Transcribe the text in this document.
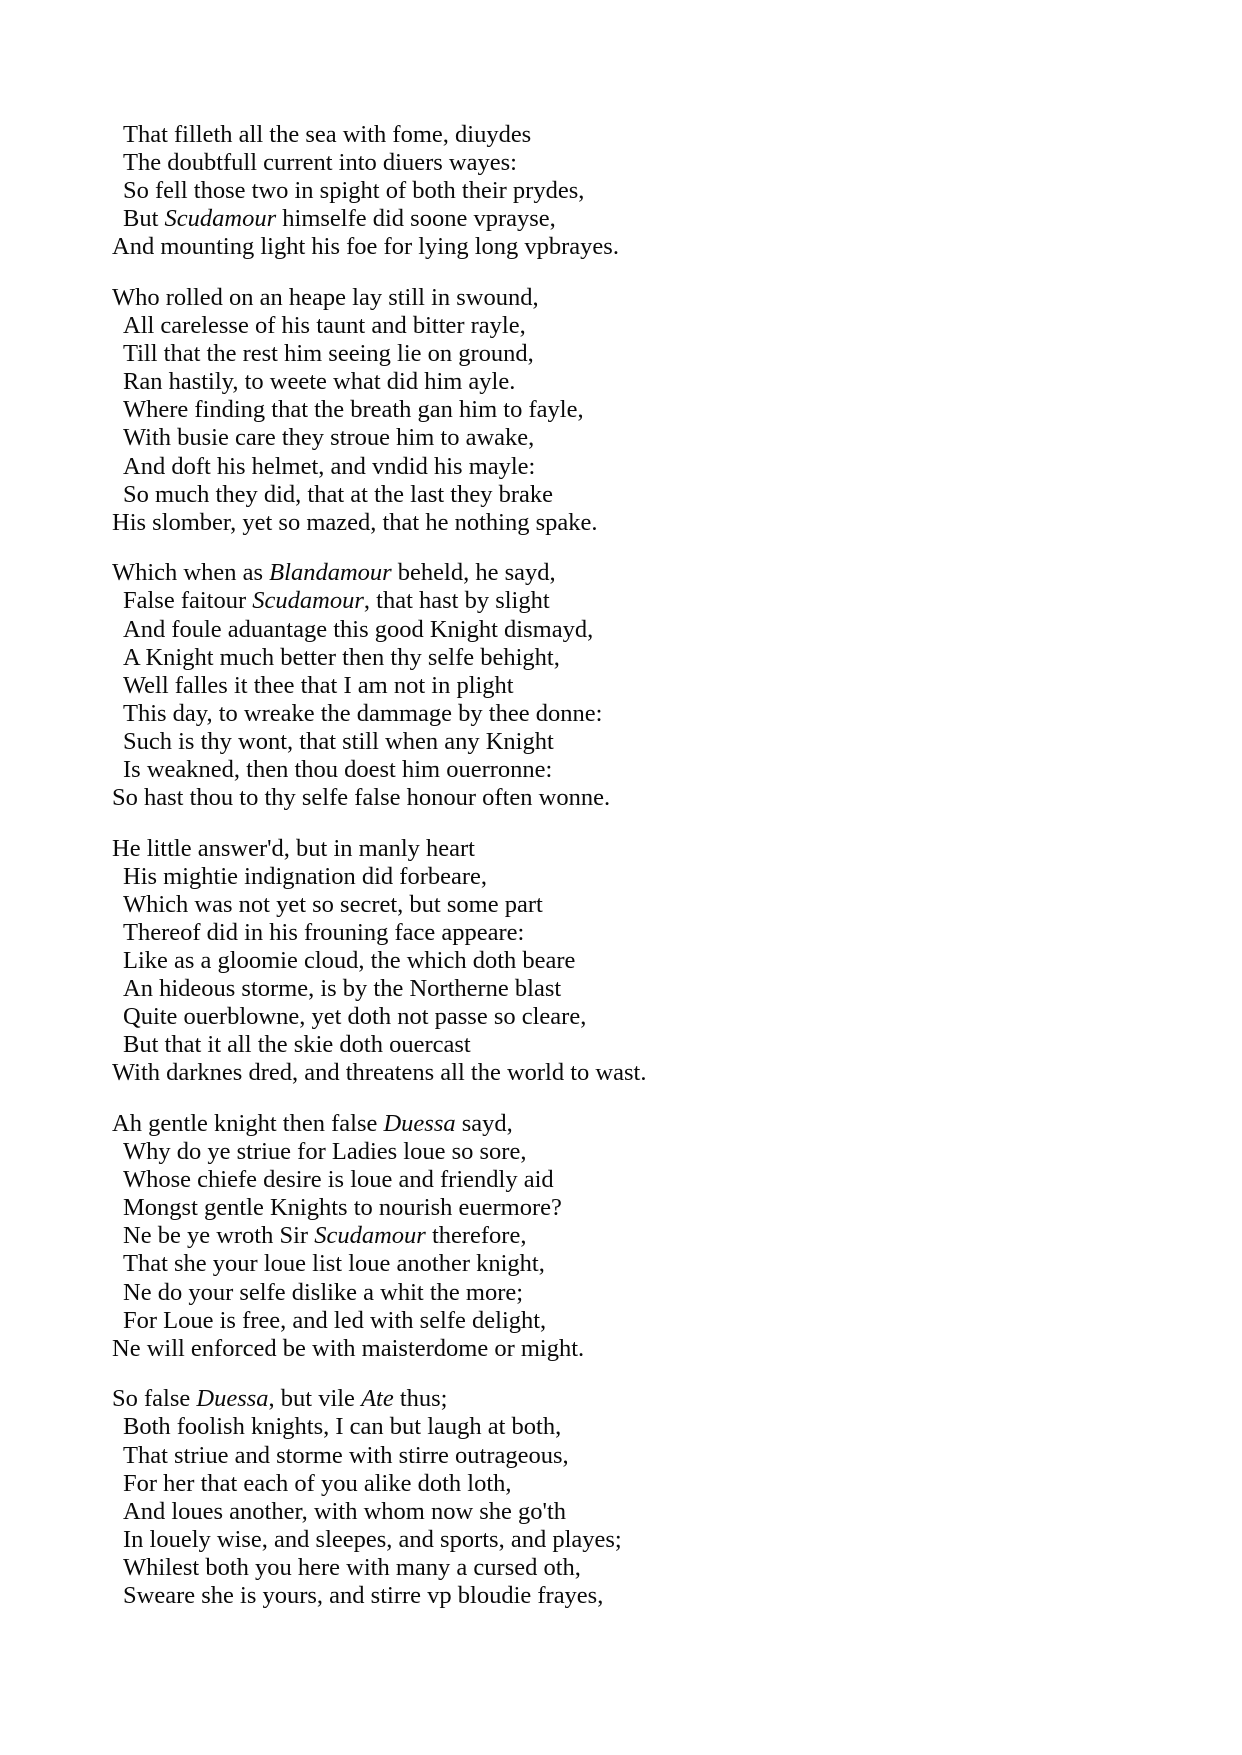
That filleth all the sea with fome, diuydes
The doubtfull current into diuers wayes:
So fell those two in spight of both their prydes,
But Scudamour himselfe did soone vprayse,
And mounting light his foe for lying long vpbrayes.
Who rolled on an heape lay still in swound,
All carelesse of his taunt and bitter rayle,
Till that the rest him seeing lie on ground,
Ran hastily, to weete what did him ayle.
Where finding that the breath gan him to fayle,
With busie care they stroue him to awake,
And doft his helmet, and vndid his mayle:
So much they did, that at the last they brake
His slomber, yet so mazed, that he nothing spake.
Which when as Blandamour beheld, he sayd,
False faitour Scudamour, that hast by slight
And foule aduantage this good Knight dismayd,
A Knight much better then thy selfe behight,
Well falles it thee that I am not in plight
This day, to wreake the dammage by thee donne:
Such is thy wont, that still when any Knight
Is weakned, then thou doest him ouerronne:
So hast thou to thy selfe false honour often wonne.
He little answer'd, but in manly heart
His mightie indignation did forbeare,
Which was not yet so secret, but some part
Thereof did in his frouning face appeare:
Like as a gloomie cloud, the which doth beare
An hideous storme, is by the Northerne blast
Quite ouerblowne, yet doth not passe so cleare,
But that it all the skie doth ouercast
With darknes dred, and threatens all the world to wast.
Ah gentle knight then false Duessa sayd,
Why do ye striue for Ladies loue so sore,
Whose chiefe desire is loue and friendly aid
Mongst gentle Knights to nourish euermore?
Ne be ye wroth Sir Scudamour therefore,
That she your loue list loue another knight,
Ne do your selfe dislike a whit the more;
For Loue is free, and led with selfe delight,
Ne will enforced be with maisterdome or might.
So false Duessa, but vile Ate thus;
Both foolish knights, I can but laugh at both,
That striue and storme with stirre outrageous,
For her that each of you alike doth loth,
And loues another, with whom now she go'th
In louely wise, and sleepes, and sports, and playes;
Whilest both you here with many a cursed oth,
Sweare she is yours, and stirre vp bloudie frayes,
